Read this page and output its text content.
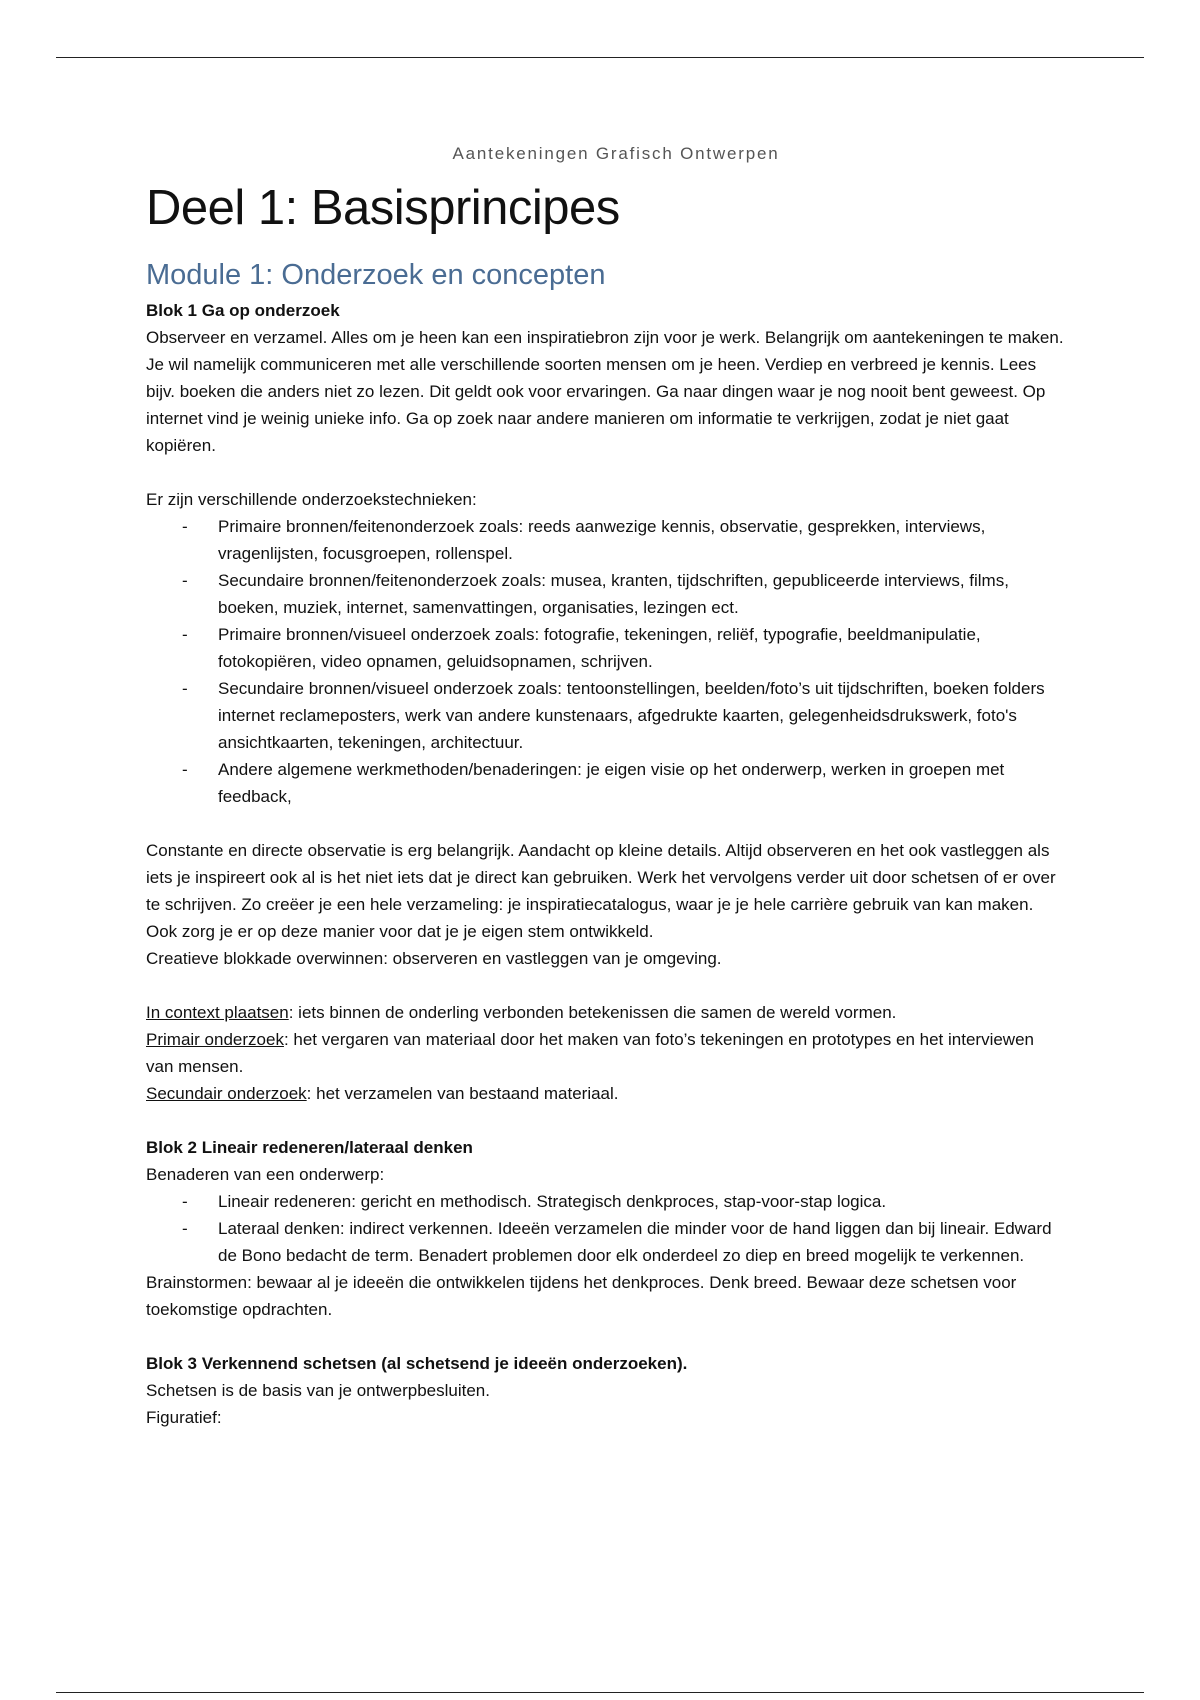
Aantekeningen Grafisch Ontwerpen
Deel 1: Basisprincipes
Module 1: Onderzoek en concepten
Blok 1 Ga op onderzoek

Observeer en verzamel. Alles om je heen kan een inspiratiebron zijn voor je werk. Belangrijk om aantekeningen te maken. Je wil namelijk communiceren met alle verschillende soorten mensen om je heen. Verdiep en verbreed je kennis. Lees bijv. boeken die anders niet zo lezen. Dit geldt ook voor ervaringen. Ga naar dingen waar je nog nooit bent geweest. Op internet vind je weinig unieke info. Ga op zoek naar andere manieren om informatie te verkrijgen, zodat je niet gaat kopiëren.

Er zijn verschillende onderzoekstechnieken:

- Primaire bronnen/feitenonderzoek zoals: reeds aanwezige kennis, observatie, gesprekken, interviews, vragenlijsten, focusgroepen, rollenspel.
- Secundaire bronnen/feitenonderzoek zoals: musea, kranten, tijdschriften, gepubliceerde interviews, films, boeken, muziek, internet, samenvattingen, organisaties, lezingen ect.
- Primaire bronnen/visueel onderzoek zoals: fotografie, tekeningen, reliëf, typografie, beeldmanipulatie, fotokopiëren, video opnamen, geluidsopnamen, schrijven.
- Secundaire bronnen/visueel onderzoek zoals: tentoonstellingen, beelden/foto’s uit tijdschriften, boeken folders internet reclameposters, werk van andere kunstenaars, afgedrukte kaarten, gelegenheidsdrukswerk, foto's ansichtkaarten, tekeningen, architectuur.
- Andere algemene werkmethoden/benaderingen: je eigen visie op het onderwerp, werken in groepen met feedback,

Constante en directe observatie is erg belangrijk. Aandacht op kleine details. Altijd observeren en het ook vastleggen als iets je inspireert ook al is het niet iets dat je direct kan gebruiken. Werk het vervolgens verder uit door schetsen of er over te schrijven. Zo creëer je een hele verzameling: je inspiratiecatalogus, waar je je hele carrière gebruik van kan maken. Ook zorg je er op deze manier voor dat je je eigen stem ontwikkeld.

Creatieve blokkade overwinnen: observeren en vastleggen van je omgeving.

In context plaatsen: iets binnen de onderling verbonden betekenissen die samen de wereld vormen.

Primair onderzoek: het vergaren van materiaal door het maken van foto’s tekeningen en prototypes en het interviewen van mensen.

Secundair onderzoek: het verzamelen van bestaand materiaal.

Blok 2 Lineair redeneren/lateraal denken

Benaderen van een onderwerp:

- Lineair redeneren: gericht en methodisch. Strategisch denkproces, stap-voor-stap logica.
- Lateraal denken: indirect verkennen. Ideeën verzamelen die minder voor de hand liggen dan bij lineair. Edward de Bono bedacht de term. Benadert problemen door elk onderdeel zo diep en breed mogelijk te verkennen.

Brainstormen: bewaar al je ideeën die ontwikkelen tijdens het denkproces. Denk breed. Bewaar deze schetsen voor toekomstige opdrachten.

Blok 3 Verkennend schetsen (al schetsend je ideeën onderzoeken).

Schetsen is de basis van je ontwerpbesluiten.

Figuratief:
